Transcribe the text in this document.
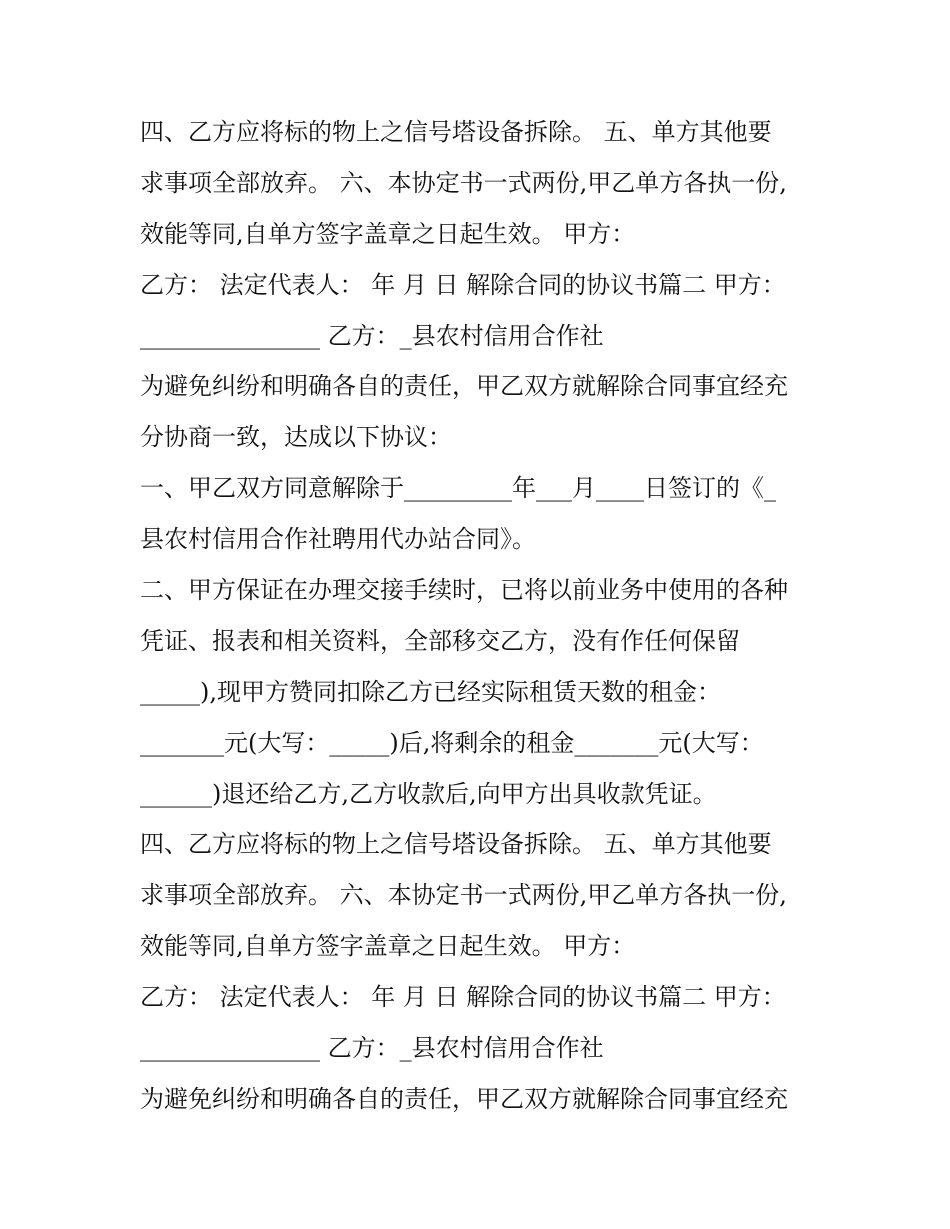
四、乙方应将标的物上之信号塔设备拆除。 五、单方其他要
求事项全部放弃。 六、本协定书一式两份,甲乙单方各执一份,
效能等同,自单方签字盖章之日起生效。 甲方：
乙方： 法定代表人： 年 月 日 解除合同的协议书篇二 甲方：
_______________ 乙方：_县农村信用合作社
为避免纠纷和明确各自的责任，甲乙双方就解除合同事宜经充
分协商一致，达成以下协议：
一、甲乙双方同意解除于_________年___月____日签订的《_
县农村信用合作社聘用代办站合同》。
二、甲方保证在办理交接手续时，已将以前业务中使用的各种
凭证、报表和相关资料，全部移交乙方，没有作任何保留
_____),现甲方赞同扣除乙方已经实际租赁天数的租金：
_______元(大写：_____)后,将剩余的租金_______元(大写：
______)退还给乙方,乙方收款后,向甲方出具收款凭证。
四、乙方应将标的物上之信号塔设备拆除。 五、单方其他要
求事项全部放弃。 六、本协定书一式两份,甲乙单方各执一份,
效能等同,自单方签字盖章之日起生效。 甲方：
乙方： 法定代表人： 年 月 日 解除合同的协议书篇二 甲方：
_______________ 乙方：_县农村信用合作社
为避免纠纷和明确各自的责任，甲乙双方就解除合同事宜经充
